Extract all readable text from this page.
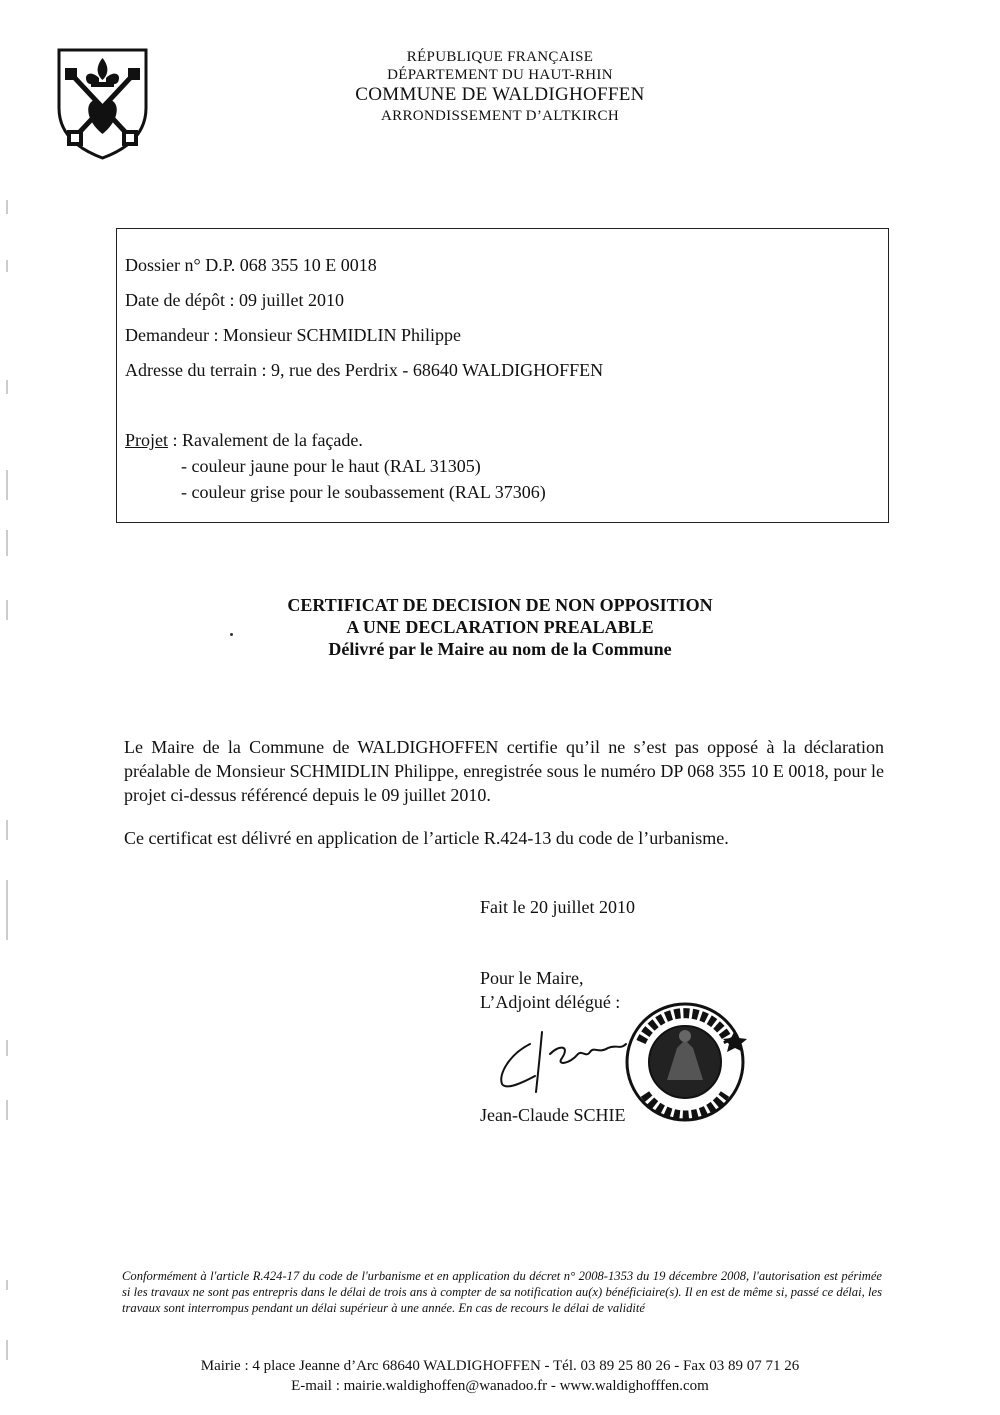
RÉPUBLIQUE FRANÇAISE
DÉPARTEMENT DU HAUT-RHIN
COMMUNE DE WALDIGHOFFEN
ARRONDISSEMENT D’ALTKIRCH
Dossier n° D.P. 068 355 10 E 0018
Date de dépôt : 09 juillet 2010
Demandeur : Monsieur SCHMIDLIN Philippe
Adresse du terrain : 9, rue des Perdrix - 68640 WALDIGHOFFEN
Projet : Ravalement de la façade.
- couleur jaune pour le haut (RAL 31305)
- couleur grise pour le soubassement (RAL 37306)
CERTIFICAT DE DECISION DE NON OPPOSITION
A UNE DECLARATION PREALABLE
Délivré par le Maire au nom de la Commune
Le Maire de la Commune de WALDIGHOFFEN certifie qu’il ne s’est pas opposé à la déclaration préalable de Monsieur SCHMIDLIN Philippe, enregistrée sous le numéro DP 068 355 10 E 0018, pour le projet ci-dessus référencé depuis le 09 juillet 2010.
Ce certificat est délivré en application de l’article R.424-13 du code de l’urbanisme.
Fait le 20 juillet 2010
Pour le Maire,
L’Adjoint délégué :
Jean-Claude SCHIE
Conformément à l'article R.424-17 du code de l'urbanisme et en application du décret n° 2008-1353 du 19 décembre 2008, l'autorisation est périmée si les travaux ne sont pas entrepris dans le délai de trois ans à compter de sa notification au(x) bénéficiaire(s). Il en est de même si, passé ce délai, les travaux sont interrompus pendant un délai supérieur à une année. En cas de recours le délai de validité
Mairie : 4 place Jeanne d’Arc 68640 WALDIGHOFFEN - Tél. 03 89 25 80 26 - Fax 03 89 07 71 26
E-mail : mairie.waldighoffen@wanadoo.fr - www.waldighofffen.com
